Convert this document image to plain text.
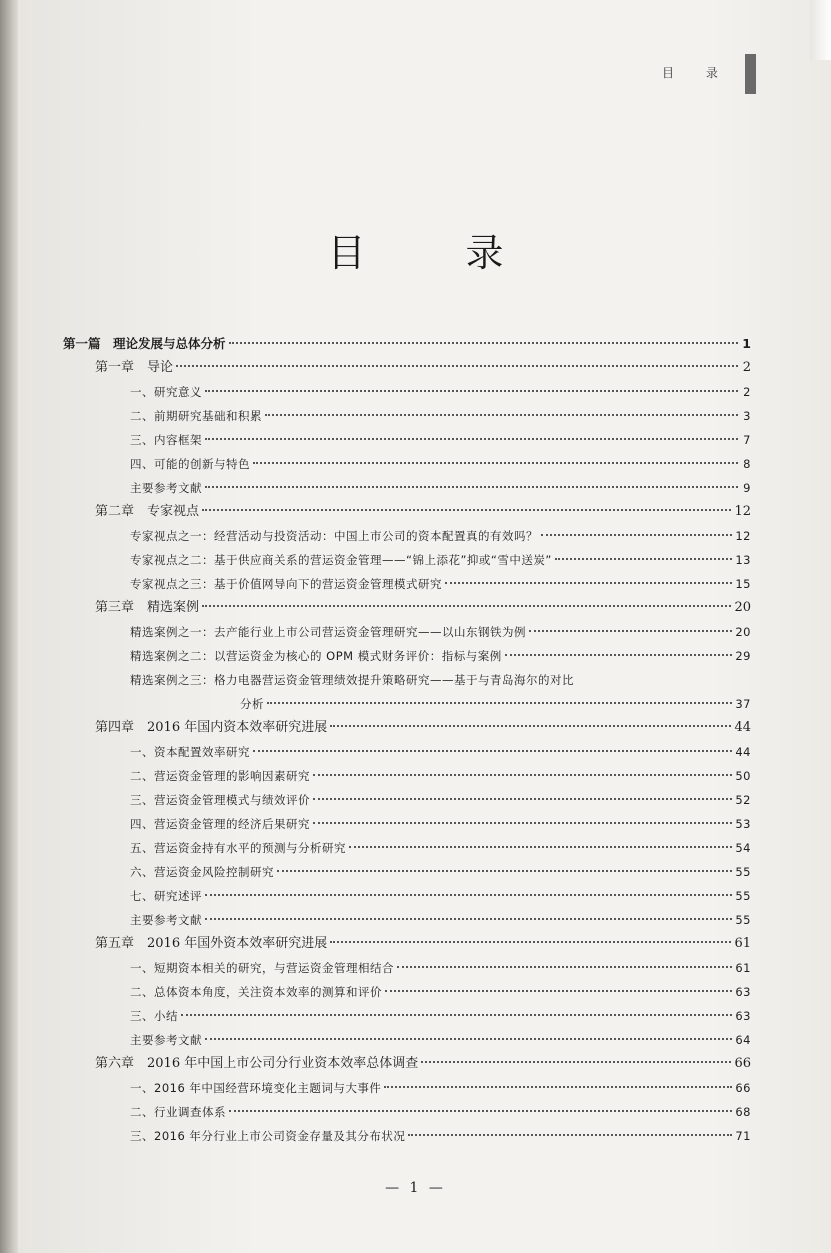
目 录
目 录
第一篇　理论发展与总体分析	1
第一章　导论	2
一、研究意义	2
二、前期研究基础和积累	3
三、内容框架	7
四、可能的创新与特色	8
主要参考文献	9
第二章　专家视点	12
专家视点之一：经营活动与投资活动：中国上市公司的资本配置真的有效吗？	12
专家视点之二：基于供应商关系的营运资金管理——“锦上添花”抑或“雪中送炭”	13
专家视点之三：基于价值网导向下的营运资金管理模式研究	15
第三章　精选案例	20
精选案例之一：去产能行业上市公司营运资金管理研究——以山东钢铁为例	20
精选案例之二：以营运资金为核心的 OPM 模式财务评价：指标与案例	29
精选案例之三：格力电器营运资金管理绩效提升策略研究——基于与青岛海尔的对比
分析	37
第四章　2016 年国内资本效率研究进展	44
一、资本配置效率研究	44
二、营运资金管理的影响因素研究	50
三、营运资金管理模式与绩效评价	52
四、营运资金管理的经济后果研究	53
五、营运资金持有水平的预测与分析研究	54
六、营运资金风险控制研究	55
七、研究述评	55
主要参考文献	55
第五章　2016 年国外资本效率研究进展	61
一、短期资本相关的研究，与营运资金管理相结合	61
二、总体资本角度，关注资本效率的测算和评价	63
三、小结	63
主要参考文献	64
第六章　2016 年中国上市公司分行业资本效率总体调查	66
一、2016 年中国经营环境变化主题词与大事件	66
二、行业调查体系	68
三、2016 年分行业上市公司资金存量及其分布状况	71
— 1 —
